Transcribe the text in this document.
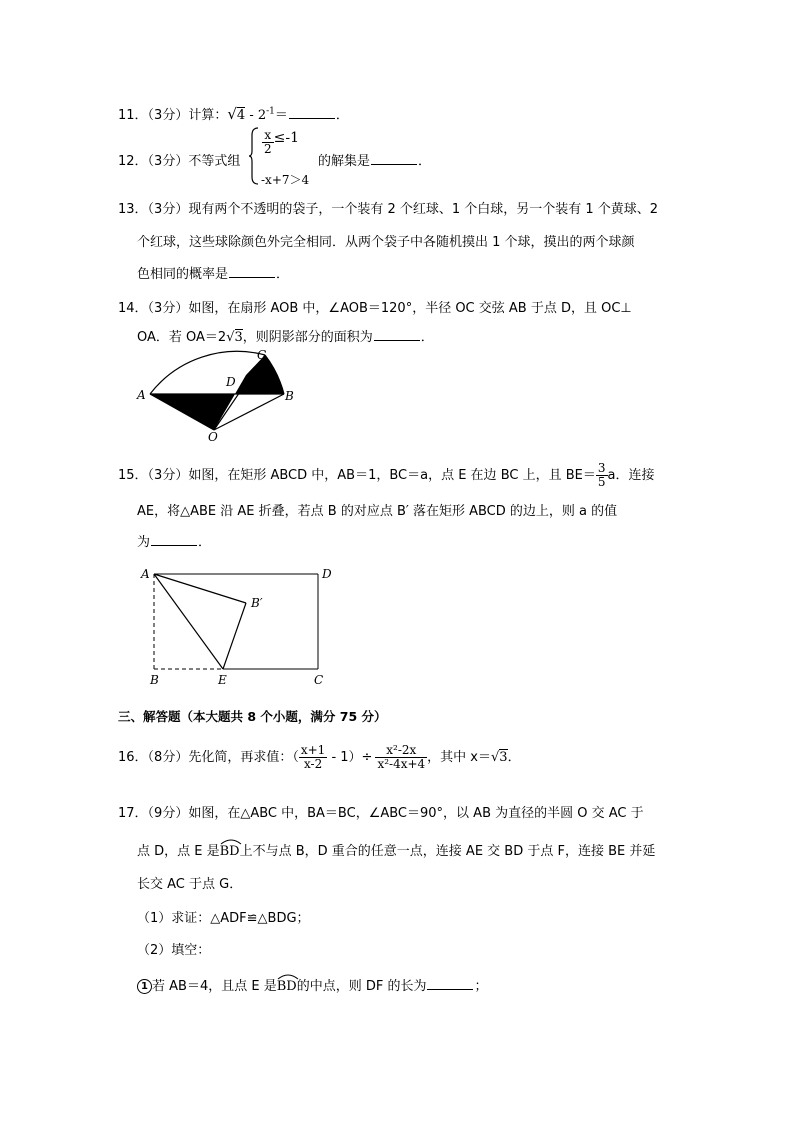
11．（3分）计算：$√4 - 2^{-1}=$	．
12．（3分）不等式组
$\frac{x}{2} \le-1$
-x+7＞4
的解集是	．
13．（3分）现有两个不透明的袋子，一个装有 2 个红球、1 个白球，另一个装有 1 个黄球、2
个红球，这些球除颜色外完全相同．从两个袋子中各随机摸出 1 个球，摸出的两个球颜
色相同的概率是	．
14．（3分）如图，在扇形 AOB 中，∠AOB＝120°，半径 OC 交弦 AB 于点 D，且 OC⊥
OA．若 OA＝2√3，则阴影部分的面积为	．
A	B
C
D
O
15．（3分）如图，在矩形 ABCD 中，AB＝1，BC＝a，点 E 在边 BC 上，且 $BE= \frac{3}{5}$ a．连接
AE，将△ABE 沿 AE 折叠，若点 B 的对应点 B′ 落在矩形 ABCD 的边上，则 a 的值
为	．
A	D
B′
B	E	C
三、解答题（本大题共 8 个小题，满分 75 分）
16．（8分）先化简，再求值：（ $\frac{x+1}{x-2} - 1)\div \frac{\text{x²-2x}}{\text{x²-4x+4}}$ ，其中 x＝√3．
17．（9分）如图，在△ABC 中，BA＝BC，∠ABC＝90°，以 AB 为直径的半圆 O 交 AC 于
点 D，点 E 是
BD上不与点 B，D 重合的任意一点，连接 AE 交 BD 于点 F，连接 BE 并延
长交 AC 于点 G．
（1）求证：△ADF≌△BDG；
（2）填空：
1 若 AB＝4，且点 E 是
BD的中点，则 DF 的长为	；
